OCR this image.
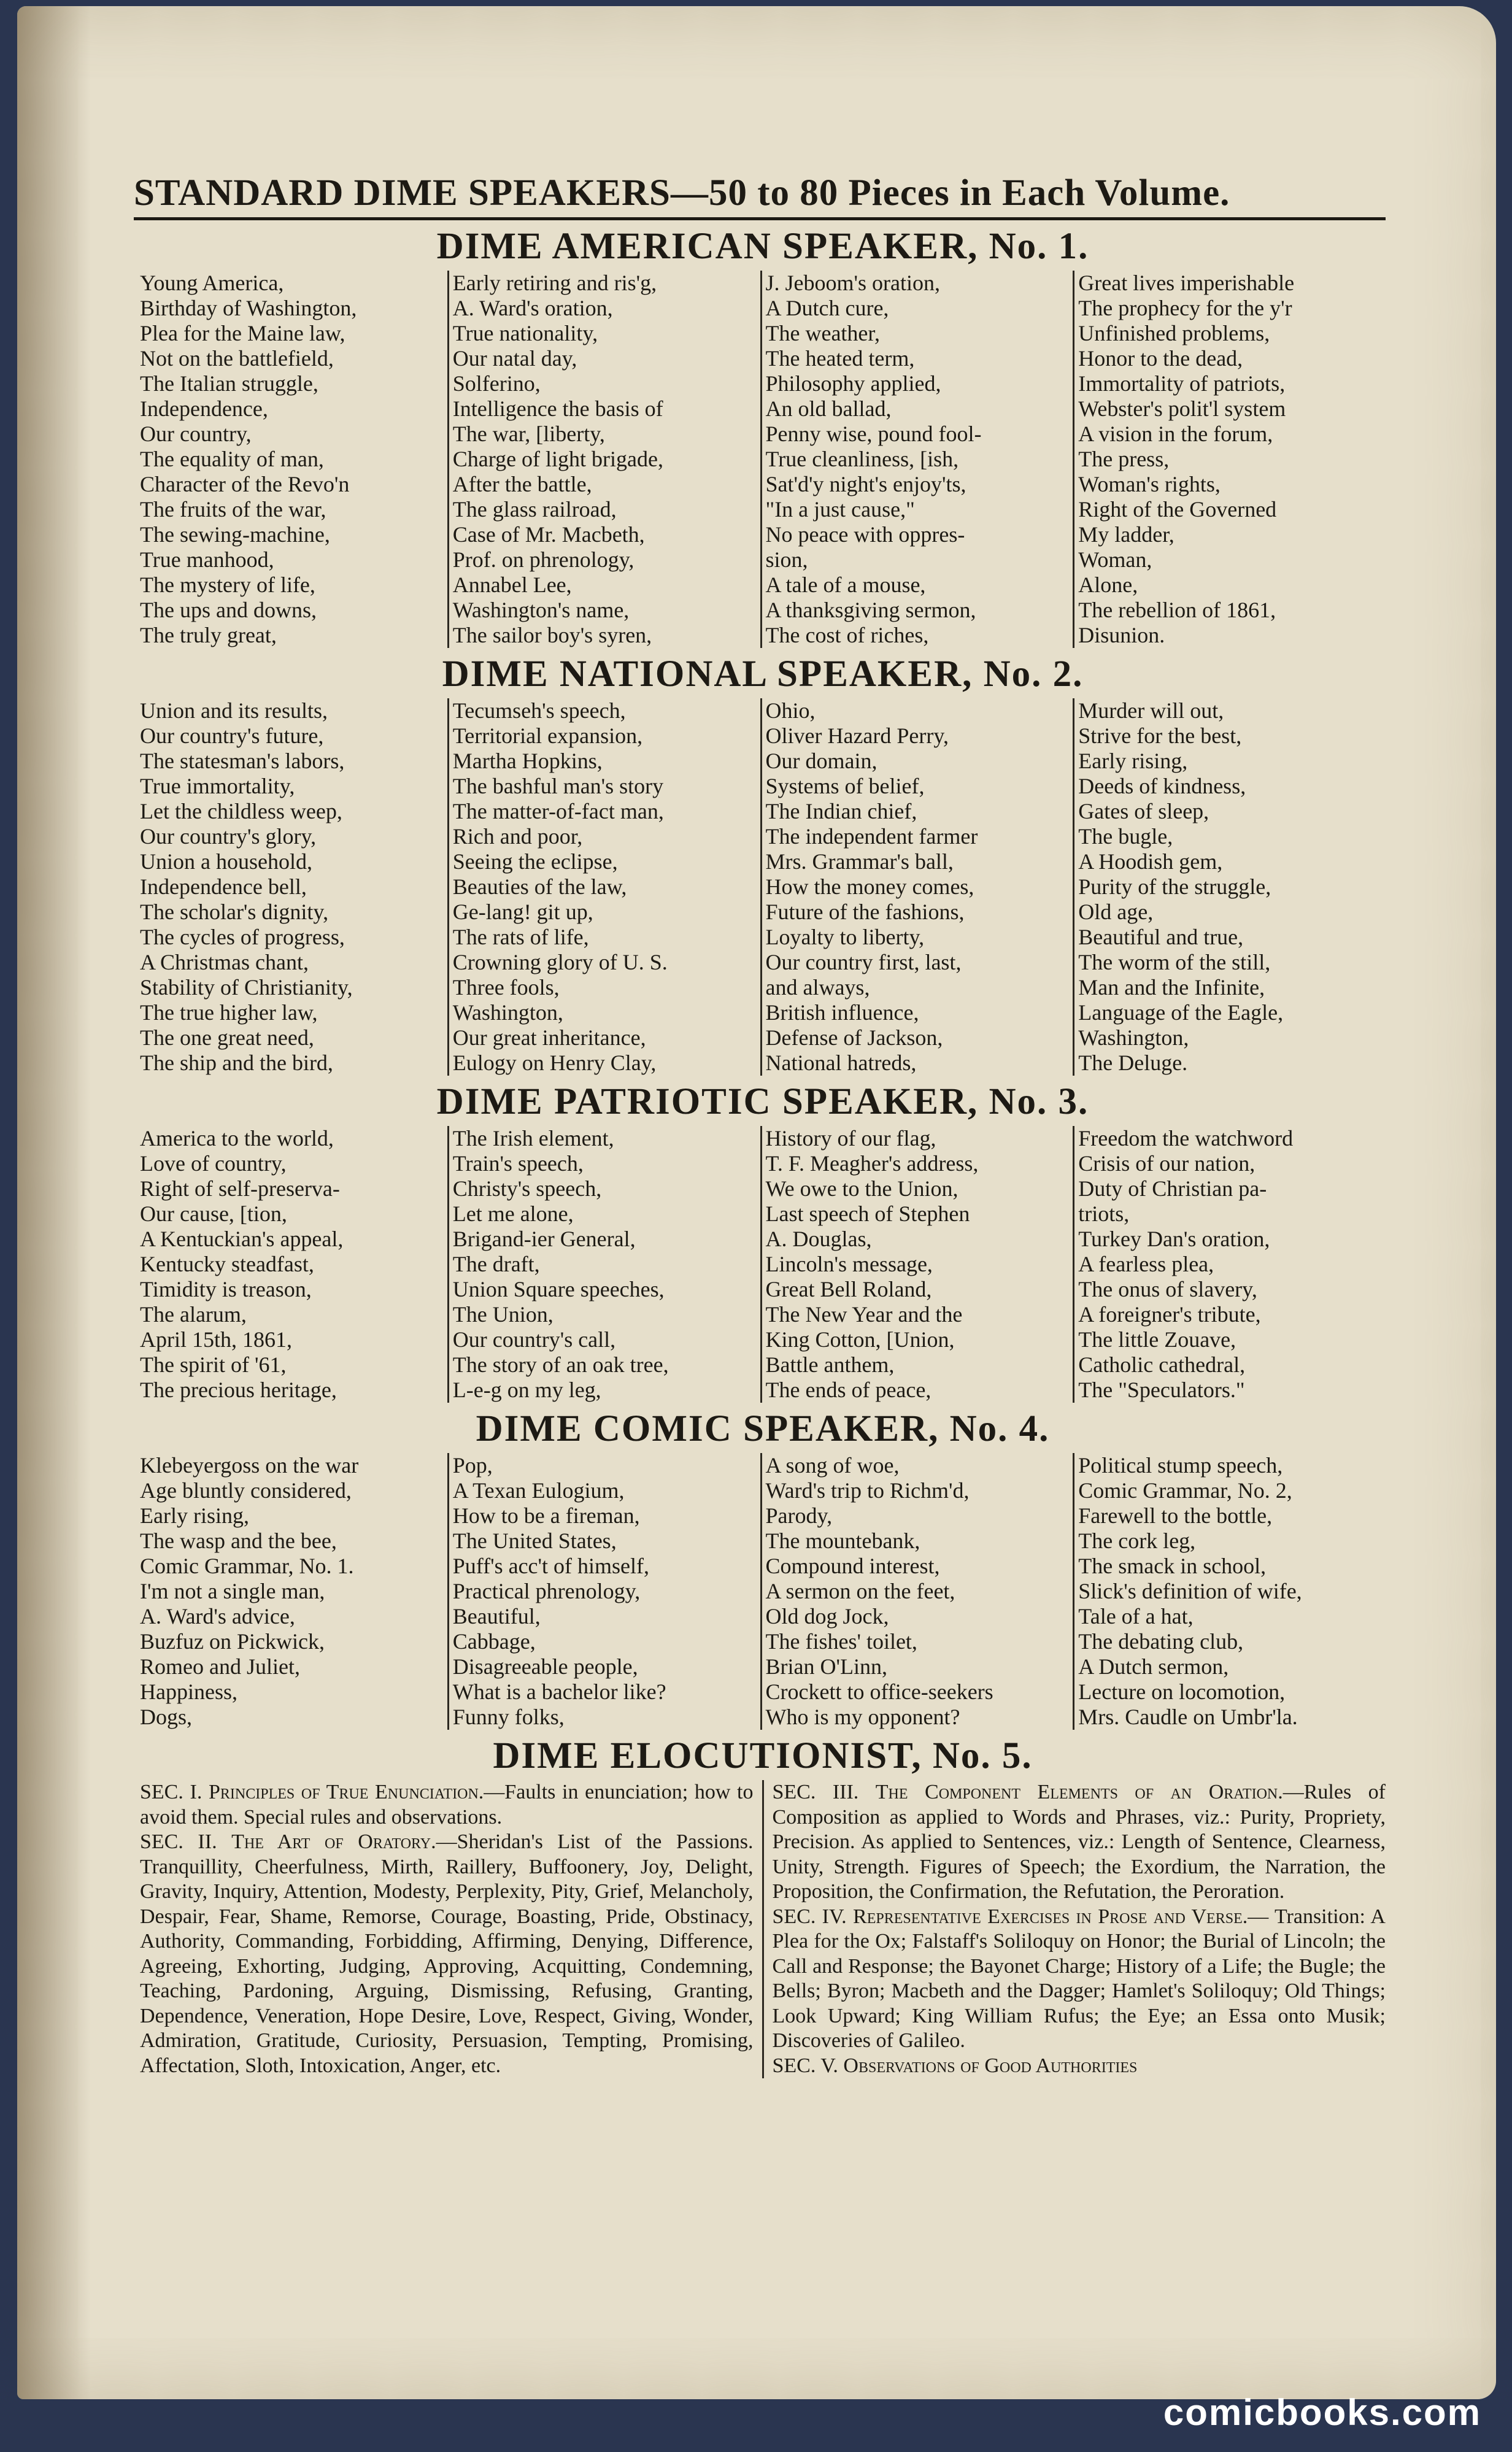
STANDARD DIME SPEAKERS—50 to 80 Pieces in Each Volume.
DIME AMERICAN SPEAKER, No. 1.
Young America,
Birthday of Washington,
Plea for the Maine law,
Not on the battlefield,
The Italian struggle,
Independence,
Our country,
The equality of man,
Character of the Revo'n
The fruits of the war,
The sewing-machine,
True manhood,
The mystery of life,
The ups and downs,
The truly great,
Early retiring and ris'g,
A. Ward's oration,
True nationality,
Our natal day,
Solferino,
Intelligence the basis of
The war, [liberty,
Charge of light brigade,
After the battle,
The glass railroad,
Case of Mr. Macbeth,
Prof. on phrenology,
Annabel Lee,
Washington's name,
The sailor boy's syren,
J. Jeboom's oration,
A Dutch cure,
The weather,
The heated term,
Philosophy applied,
An old ballad,
Penny wise, pound fool-
True cleanliness, [ish,
Sat'd'y night's enjoy'ts,
"In a just cause,"
No peace with oppres-
sion,
A tale of a mouse,
A thanksgiving sermon,
The cost of riches,
Great lives imperishable
The prophecy for the y'r
Unfinished problems,
Honor to the dead,
Immortality of patriots,
Webster's polit'l system
A vision in the forum,
The press,
Woman's rights,
Right of the Governed
My ladder,
Woman,
Alone,
The rebellion of 1861,
Disunion.
DIME NATIONAL SPEAKER, No. 2.
Union and its results,
Our country's future,
The statesman's labors,
True immortality,
Let the childless weep,
Our country's glory,
Union a household,
Independence bell,
The scholar's dignity,
The cycles of progress,
A Christmas chant,
Stability of Christianity,
The true higher law,
The one great need,
The ship and the bird,
Tecumseh's speech,
Territorial expansion,
Martha Hopkins,
The bashful man's story
The matter-of-fact man,
Rich and poor,
Seeing the eclipse,
Beauties of the law,
Ge-lang! git up,
The rats of life,
Crowning glory of U. S.
Three fools,
Washington,
Our great inheritance,
Eulogy on Henry Clay,
Ohio,
Oliver Hazard Perry,
Our domain,
Systems of belief,
The Indian chief,
The independent farmer
Mrs. Grammar's ball,
How the money comes,
Future of the fashions,
Loyalty to liberty,
Our country first, last,
and always,
British influence,
Defense of Jackson,
National hatreds,
Murder will out,
Strive for the best,
Early rising,
Deeds of kindness,
Gates of sleep,
The bugle,
A Hoodish gem,
Purity of the struggle,
Old age,
Beautiful and true,
The worm of the still,
Man and the Infinite,
Language of the Eagle,
Washington,
The Deluge.
DIME PATRIOTIC SPEAKER, No. 3.
America to the world,
Love of country,
Right of self-preserva-
Our cause, [tion,
A Kentuckian's appeal,
Kentucky steadfast,
Timidity is treason,
The alarum,
April 15th, 1861,
The spirit of '61,
The precious heritage,
The Irish element,
Train's speech,
Christy's speech,
Let me alone,
Brigand-ier General,
The draft,
Union Square speeches,
The Union,
Our country's call,
The story of an oak tree,
L-e-g on my leg,
History of our flag,
T. F. Meagher's address,
We owe to the Union,
Last speech of Stephen
A. Douglas,
Lincoln's message,
Great Bell Roland,
The New Year and the
King Cotton, [Union,
Battle anthem,
The ends of peace,
Freedom the watchword
Crisis of our nation,
Duty of Christian pa-
triots,
Turkey Dan's oration,
A fearless plea,
The onus of slavery,
A foreigner's tribute,
The little Zouave,
Catholic cathedral,
The "Speculators."
DIME COMIC SPEAKER, No. 4.
Klebeyergoss on the war
Age bluntly considered,
Early rising,
The wasp and the bee,
Comic Grammar, No. 1.
I'm not a single man,
A. Ward's advice,
Buzfuz on Pickwick,
Romeo and Juliet,
Happiness,
Dogs,
Pop,
A Texan Eulogium,
How to be a fireman,
The United States,
Puff's acc't of himself,
Practical phrenology,
Beautiful,
Cabbage,
Disagreeable people,
What is a bachelor like?
Funny folks,
A song of woe,
Ward's trip to Richm'd,
Parody,
The mountebank,
Compound interest,
A sermon on the feet,
Old dog Jock,
The fishes' toilet,
Brian O'Linn,
Crockett to office-seekers
Who is my opponent?
Political stump speech,
Comic Grammar, No. 2,
Farewell to the bottle,
The cork leg,
The smack in school,
Slick's definition of wife,
Tale of a hat,
The debating club,
A Dutch sermon,
Lecture on locomotion,
Mrs. Caudle on Umbr'la.
DIME ELOCUTIONIST, No. 5.

SEC. I. Principles of True Enunciation.—Faults in enunciation; how to avoid them. Special rules and observations.

SEC. II. The Art of Oratory.—Sheridan's List of the Passions. Tranquillity, Cheerfulness, Mirth, Raillery, Buffoonery, Joy, Delight, Gravity, Inquiry, Attention, Modesty, Perplexity, Pity, Grief, Melancholy, Despair, Fear, Shame, Remorse, Courage, Boasting, Pride, Obstinacy, Authority, Commanding, Forbidding, Affirming, Denying, Difference, Agreeing, Exhorting, Judging, Approving, Acquitting, Condemning, Teaching, Pardoning, Arguing, Dismissing, Refusing, Granting, Dependence, Veneration, Hope Desire, Love, Respect, Giving, Wonder, Admiration, Gratitude, Curiosity, Persuasion, Tempting, Promising, Affectation, Sloth, Intoxication, Anger, etc.

SEC. III. The Component Elements of an Oration.—Rules of Composition as applied to Words and Phrases, viz.: Purity, Propriety, Precision. As applied to Sentences, viz.: Length of Sentence, Clearness, Unity, Strength. Figures of Speech; the Exordium, the Narration, the Proposition, the Confirmation, the Refutation, the Peroration.

SEC. IV. Representative Exercises in Prose and Verse.— Transition: A Plea for the Ox; Falstaff's Soliloquy on Honor; the Burial of Lincoln; the Call and Response; the Bayonet Charge; History of a Life; the Bugle; the Bells; Byron; Macbeth and the Dagger; Hamlet's Soliloquy; Old Things; Look Upward; King William Rufus; the Eye; an Essa onto Musik; Discoveries of Galileo.

SEC. V. Observations of Good Authorities

comicbooks.com
